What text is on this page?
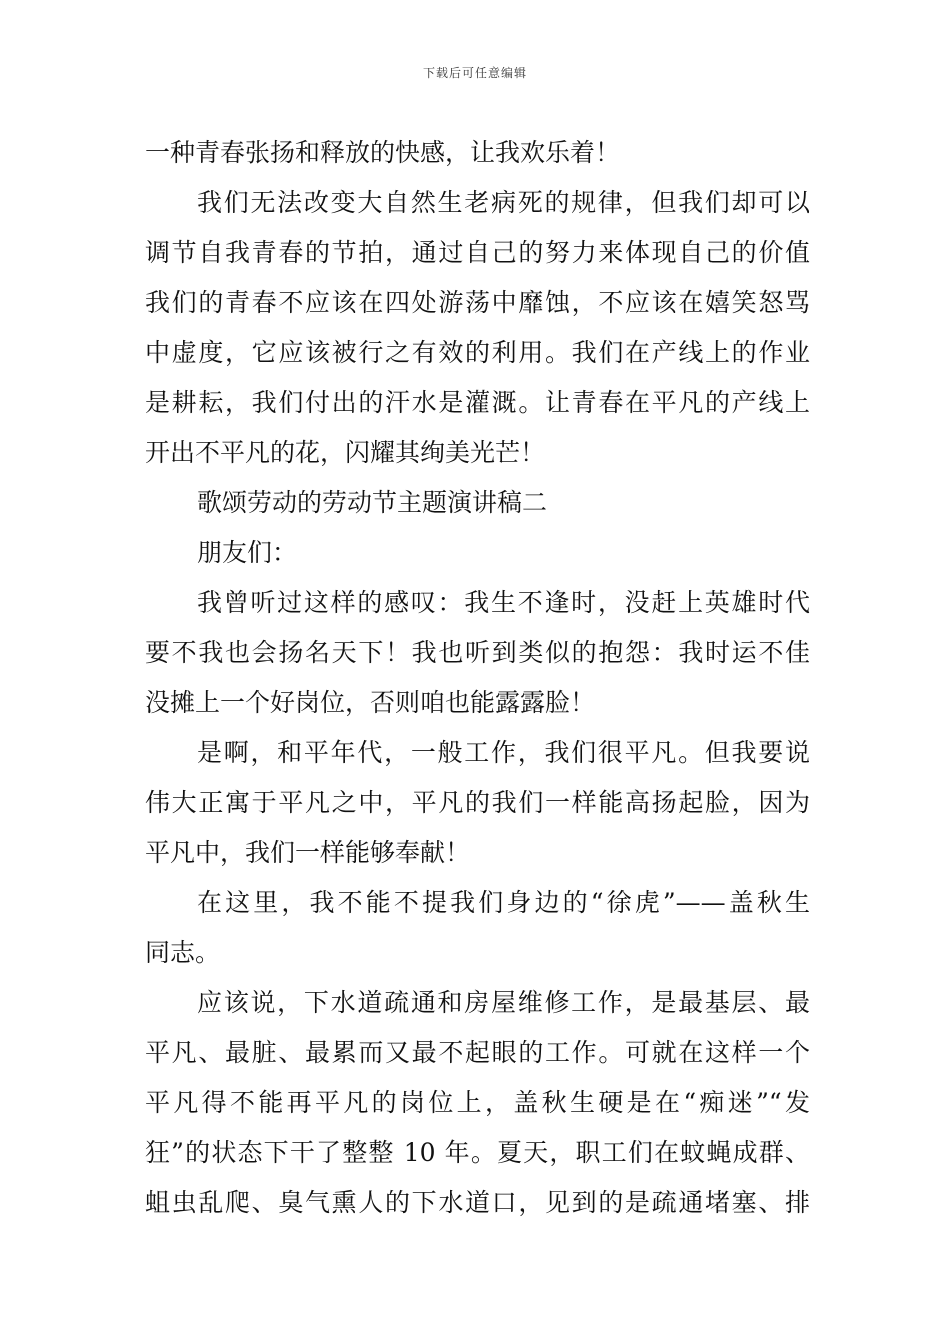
下载后可任意编辑
一种青春张扬和释放的快感，让我欢乐着！
我们无法改变大自然生老病死的规律，但我们却可以
调节自我青春的节拍，通过自己的努力来体现自己的价值
我们的青春不应该在四处游荡中靡蚀，不应该在嬉笑怒骂
中虚度，它应该被行之有效的利用。我们在产线上的作业
是耕耘，我们付出的汗水是灌溉。让青春在平凡的产线上
开出不平凡的花，闪耀其绚美光芒！
歌颂劳动的劳动节主题演讲稿二
朋友们：
我曾听过这样的感叹：我生不逢时，没赶上英雄时代
要不我也会扬名天下！我也听到类似的抱怨：我时运不佳
没摊上一个好岗位，否则咱也能露露脸！
是啊，和平年代，一般工作，我们很平凡。但我要说
伟大正寓于平凡之中，平凡的我们一样能高扬起脸，因为
平凡中，我们一样能够奉献！
在这里，我不能不提我们身边的“徐虎”——盖秋生
同志。
应该说，下水道疏通和房屋维修工作，是最基层、最
平凡、最脏、最累而又最不起眼的工作。可就在这样一个
平凡得不能再平凡的岗位上，盖秋生硬是在“痴迷”“发
狂”的状态下干了整整 10 年。夏天，职工们在蚊蝇成群、
蛆虫乱爬、臭气熏人的下水道口，见到的是疏通堵塞、排
